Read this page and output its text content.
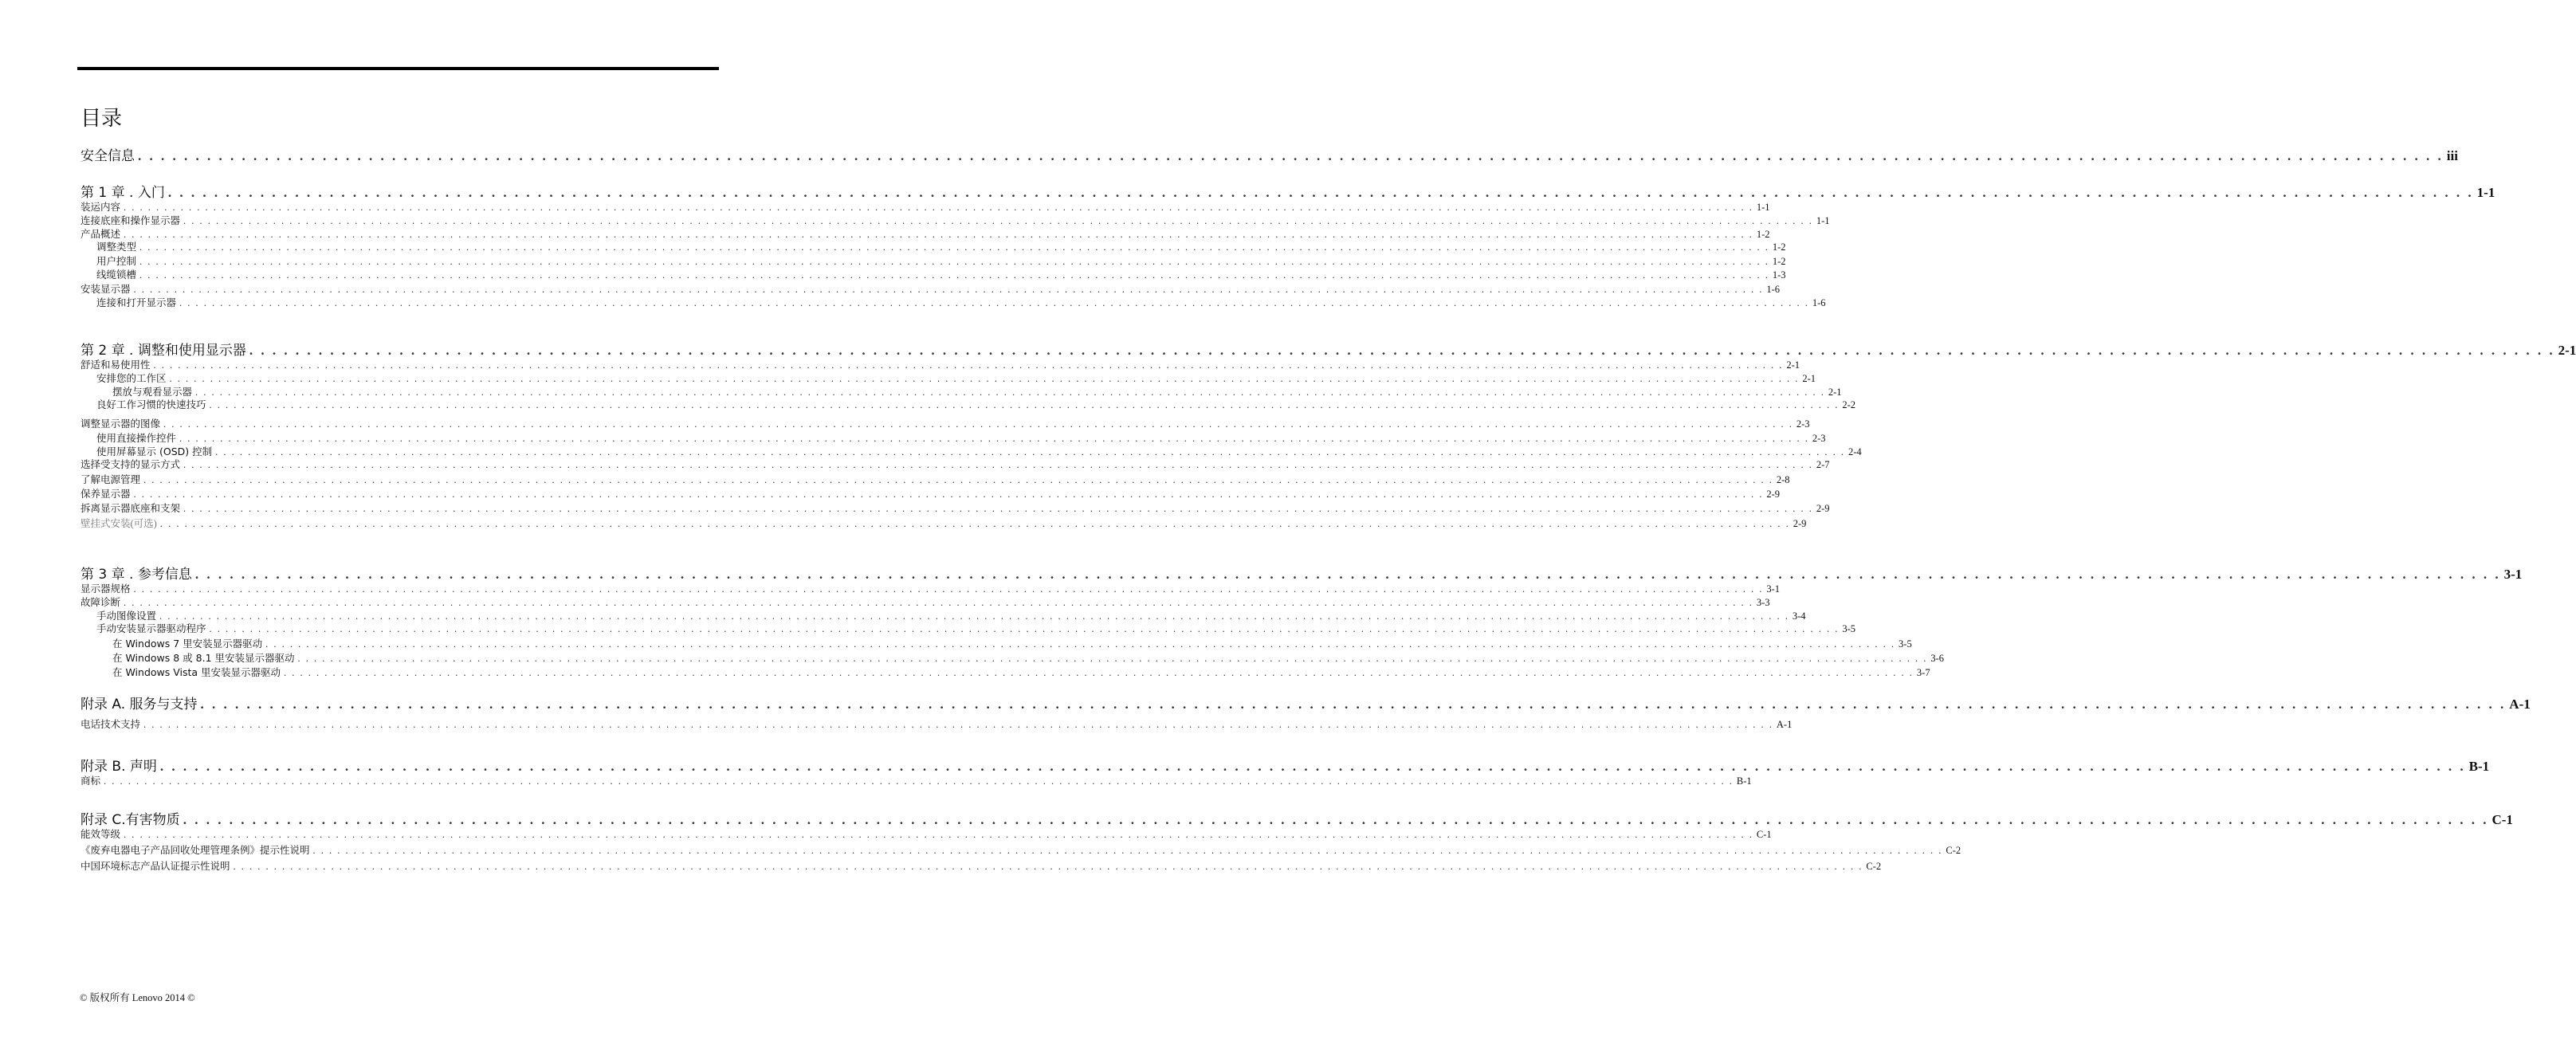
目录
安全信息 . . . . . . . . . . . . . . . . . . . . . . . . . . . . . . . . . . . . . . . . . . . . . . . . . . . . . . . . . . . . . . . . . . . . . . . . . . . . . . . . . . . . . . . . . . . . . . . . . . . . . . . . . . . . . . . . . . . . . . . . . . . . . . . . . . . . . . . . . . . . . . . . . . . . . . . . . . . . . . . . . . . . . . . . . . . . . . . . . . . . . . . . . . . . . . . . . . . . . . . . iii
第 1 章 . 入门 . . . . . . . . . . . . . . . . . . . . . . . . . . . . . . . . . . . . . . . . . . . . . . . . . . . . . . . . . . . . . . . . . . . . . . . . . . . . . . . . . . . . . . . . . . . . . . . . . . . . . . . . . . . . . . . . . . . . . . . . . . . . . . . . . . . . . . . . . . . . . . . . . . . . . . . . . . . . . . . . . . . . . . . . . . . . . . . . . . . . . . . . . . . . . . . . . . . . . . . . 1-1
装运内容 . . . . . . . . . . . . . . . . . . . . . . . . . . . . . . . . . . . . . . . . . . . . . . . . . . . . . . . . . . . . . . . . . . . . . . . . . . . . . . . . . . . . . . . . . . . . . . . . . . . . . . . . . . . . . . . . . . . . . . . . . . . . . . . . . . . . . . . . . . . . . . . . . . . . . . . . . . . . . . . . . . . . . . . . . . . . . . . . . . . . . . . . . . . . . . . . . . . . . . . . 1-1
连接底座和操作显示器 . . . . . . . . . . . . . . . . . . . . . . . . . . . . . . . . . . . . . . . . . . . . . . . . . . . . . . . . . . . . . . . . . . . . . . . . . . . . . . . . . . . . . . . . . . . . . . . . . . . . . . . . . . . . . . . . . . . . . . . . . . . . . . . . . . . . . . . . . . . . . . . . . . . . . . . . . . . . . . . . . . . . . . . . . . . . . . . . . . . . . . . . . . . . . . . . . . . . . . . . 1-1
产品概述 . . . . . . . . . . . . . . . . . . . . . . . . . . . . . . . . . . . . . . . . . . . . . . . . . . . . . . . . . . . . . . . . . . . . . . . . . . . . . . . . . . . . . . . . . . . . . . . . . . . . . . . . . . . . . . . . . . . . . . . . . . . . . . . . . . . . . . . . . . . . . . . . . . . . . . . . . . . . . . . . . . . . . . . . . . . . . . . . . . . . . . . . . . . . . . . . . . . . . . . . 1-2
调整类型 . . . . . . . . . . . . . . . . . . . . . . . . . . . . . . . . . . . . . . . . . . . . . . . . . . . . . . . . . . . . . . . . . . . . . . . . . . . . . . . . . . . . . . . . . . . . . . . . . . . . . . . . . . . . . . . . . . . . . . . . . . . . . . . . . . . . . . . . . . . . . . . . . . . . . . . . . . . . . . . . . . . . . . . . . . . . . . . . . . . . . . . . . . . . . . . . . . . . . . . . 1-2
用户控制 . . . . . . . . . . . . . . . . . . . . . . . . . . . . . . . . . . . . . . . . . . . . . . . . . . . . . . . . . . . . . . . . . . . . . . . . . . . . . . . . . . . . . . . . . . . . . . . . . . . . . . . . . . . . . . . . . . . . . . . . . . . . . . . . . . . . . . . . . . . . . . . . . . . . . . . . . . . . . . . . . . . . . . . . . . . . . . . . . . . . . . . . . . . . . . . . . . . . . . . . 1-2
线缆锁槽 . . . . . . . . . . . . . . . . . . . . . . . . . . . . . . . . . . . . . . . . . . . . . . . . . . . . . . . . . . . . . . . . . . . . . . . . . . . . . . . . . . . . . . . . . . . . . . . . . . . . . . . . . . . . . . . . . . . . . . . . . . . . . . . . . . . . . . . . . . . . . . . . . . . . . . . . . . . . . . . . . . . . . . . . . . . . . . . . . . . . . . . . . . . . . . . . . . . . . . . . 1-3
安装显示器 . . . . . . . . . . . . . . . . . . . . . . . . . . . . . . . . . . . . . . . . . . . . . . . . . . . . . . . . . . . . . . . . . . . . . . . . . . . . . . . . . . . . . . . . . . . . . . . . . . . . . . . . . . . . . . . . . . . . . . . . . . . . . . . . . . . . . . . . . . . . . . . . . . . . . . . . . . . . . . . . . . . . . . . . . . . . . . . . . . . . . . . . . . . . . . . . . . . . . . . . 1-6
连接和打开显示器 . . . . . . . . . . . . . . . . . . . . . . . . . . . . . . . . . . . . . . . . . . . . . . . . . . . . . . . . . . . . . . . . . . . . . . . . . . . . . . . . . . . . . . . . . . . . . . . . . . . . . . . . . . . . . . . . . . . . . . . . . . . . . . . . . . . . . . . . . . . . . . . . . . . . . . . . . . . . . . . . . . . . . . . . . . . . . . . . . . . . . . . . . . . . . . . . . . . . . . . . 1-6
第 2 章 . 调整和使用显示器 . . . . . . . . . . . . . . . . . . . . . . . . . . . . . . . . . . . . . . . . . . . . . . . . . . . . . . . . . . . . . . . . . . . . . . . . . . . . . . . . . . . . . . . . . . . . . . . . . . . . . . . . . . . . . . . . . . . . . . . . . . . . . . . . . . . . . . . . . . . . . . . . . . . . . . . . . . . . . . . . . . . . . . . . . . . . . . . . . . . . . . . . . . . . . . . . . . . . . . . . 2-1
舒适和易使用性 . . . . . . . . . . . . . . . . . . . . . . . . . . . . . . . . . . . . . . . . . . . . . . . . . . . . . . . . . . . . . . . . . . . . . . . . . . . . . . . . . . . . . . . . . . . . . . . . . . . . . . . . . . . . . . . . . . . . . . . . . . . . . . . . . . . . . . . . . . . . . . . . . . . . . . . . . . . . . . . . . . . . . . . . . . . . . . . . . . . . . . . . . . . . . . . . . . . . . . . . 2-1
安排您的工作区 . . . . . . . . . . . . . . . . . . . . . . . . . . . . . . . . . . . . . . . . . . . . . . . . . . . . . . . . . . . . . . . . . . . . . . . . . . . . . . . . . . . . . . . . . . . . . . . . . . . . . . . . . . . . . . . . . . . . . . . . . . . . . . . . . . . . . . . . . . . . . . . . . . . . . . . . . . . . . . . . . . . . . . . . . . . . . . . . . . . . . . . . . . . . . . . . . . . . . . . . 2-1
摆放与观看显示器 . . . . . . . . . . . . . . . . . . . . . . . . . . . . . . . . . . . . . . . . . . . . . . . . . . . . . . . . . . . . . . . . . . . . . . . . . . . . . . . . . . . . . . . . . . . . . . . . . . . . . . . . . . . . . . . . . . . . . . . . . . . . . . . . . . . . . . . . . . . . . . . . . . . . . . . . . . . . . . . . . . . . . . . . . . . . . . . . . . . . . . . . . . . . . . . . . . . . . . . . 2-1
良好工作习惯的快速技巧 . . . . . . . . . . . . . . . . . . . . . . . . . . . . . . . . . . . . . . . . . . . . . . . . . . . . . . . . . . . . . . . . . . . . . . . . . . . . . . . . . . . . . . . . . . . . . . . . . . . . . . . . . . . . . . . . . . . . . . . . . . . . . . . . . . . . . . . . . . . . . . . . . . . . . . . . . . . . . . . . . . . . . . . . . . . . . . . . . . . . . . . . . . . . . . . . . . . . . . . . 2-2
调整显示器的图像 . . . . . . . . . . . . . . . . . . . . . . . . . . . . . . . . . . . . . . . . . . . . . . . . . . . . . . . . . . . . . . . . . . . . . . . . . . . . . . . . . . . . . . . . . . . . . . . . . . . . . . . . . . . . . . . . . . . . . . . . . . . . . . . . . . . . . . . . . . . . . . . . . . . . . . . . . . . . . . . . . . . . . . . . . . . . . . . . . . . . . . . . . . . . . . . . . . . . . . . . 2-3
使用直接操作控件 . . . . . . . . . . . . . . . . . . . . . . . . . . . . . . . . . . . . . . . . . . . . . . . . . . . . . . . . . . . . . . . . . . . . . . . . . . . . . . . . . . . . . . . . . . . . . . . . . . . . . . . . . . . . . . . . . . . . . . . . . . . . . . . . . . . . . . . . . . . . . . . . . . . . . . . . . . . . . . . . . . . . . . . . . . . . . . . . . . . . . . . . . . . . . . . . . . . . . . . . 2-3
使用屏幕显示 (OSD) 控制 . . . . . . . . . . . . . . . . . . . . . . . . . . . . . . . . . . . . . . . . . . . . . . . . . . . . . . . . . . . . . . . . . . . . . . . . . . . . . . . . . . . . . . . . . . . . . . . . . . . . . . . . . . . . . . . . . . . . . . . . . . . . . . . . . . . . . . . . . . . . . . . . . . . . . . . . . . . . . . . . . . . . . . . . . . . . . . . . . . . . . . . . . . . . . . . . . . . . . . . . 2-4
选择受支持的显示方式 . . . . . . . . . . . . . . . . . . . . . . . . . . . . . . . . . . . . . . . . . . . . . . . . . . . . . . . . . . . . . . . . . . . . . . . . . . . . . . . . . . . . . . . . . . . . . . . . . . . . . . . . . . . . . . . . . . . . . . . . . . . . . . . . . . . . . . . . . . . . . . . . . . . . . . . . . . . . . . . . . . . . . . . . . . . . . . . . . . . . . . . . . . . . . . . . . . . . . . . . 2-7
了解电源管理 . . . . . . . . . . . . . . . . . . . . . . . . . . . . . . . . . . . . . . . . . . . . . . . . . . . . . . . . . . . . . . . . . . . . . . . . . . . . . . . . . . . . . . . . . . . . . . . . . . . . . . . . . . . . . . . . . . . . . . . . . . . . . . . . . . . . . . . . . . . . . . . . . . . . . . . . . . . . . . . . . . . . . . . . . . . . . . . . . . . . . . . . . . . . . . . . . . . . . . . . 2-8
保养显示器 . . . . . . . . . . . . . . . . . . . . . . . . . . . . . . . . . . . . . . . . . . . . . . . . . . . . . . . . . . . . . . . . . . . . . . . . . . . . . . . . . . . . . . . . . . . . . . . . . . . . . . . . . . . . . . . . . . . . . . . . . . . . . . . . . . . . . . . . . . . . . . . . . . . . . . . . . . . . . . . . . . . . . . . . . . . . . . . . . . . . . . . . . . . . . . . . . . . . . . . . 2-9
拆离显示器底座和支架 . . . . . . . . . . . . . . . . . . . . . . . . . . . . . . . . . . . . . . . . . . . . . . . . . . . . . . . . . . . . . . . . . . . . . . . . . . . . . . . . . . . . . . . . . . . . . . . . . . . . . . . . . . . . . . . . . . . . . . . . . . . . . . . . . . . . . . . . . . . . . . . . . . . . . . . . . . . . . . . . . . . . . . . . . . . . . . . . . . . . . . . . . . . . . . . . . . . . . . . . 2-9
壁挂式安装(可选) . . . . . . . . . . . . . . . . . . . . . . . . . . . . . . . . . . . . . . . . . . . . . . . . . . . . . . . . . . . . . . . . . . . . . . . . . . . . . . . . . . . . . . . . . . . . . . . . . . . . . . . . . . . . . . . . . . . . . . . . . . . . . . . . . . . . . . . . . . . . . . . . . . . . . . . . . . . . . . . . . . . . . . . . . . . . . . . . . . . . . . . . . . . . . . . . . . . . . . . . 2-9
第 3 章 . 参考信息 . . . . . . . . . . . . . . . . . . . . . . . . . . . . . . . . . . . . . . . . . . . . . . . . . . . . . . . . . . . . . . . . . . . . . . . . . . . . . . . . . . . . . . . . . . . . . . . . . . . . . . . . . . . . . . . . . . . . . . . . . . . . . . . . . . . . . . . . . . . . . . . . . . . . . . . . . . . . . . . . . . . . . . . . . . . . . . . . . . . . . . . . . . . . . . . . . . . . . . . . 3-1
显示器规格 . . . . . . . . . . . . . . . . . . . . . . . . . . . . . . . . . . . . . . . . . . . . . . . . . . . . . . . . . . . . . . . . . . . . . . . . . . . . . . . . . . . . . . . . . . . . . . . . . . . . . . . . . . . . . . . . . . . . . . . . . . . . . . . . . . . . . . . . . . . . . . . . . . . . . . . . . . . . . . . . . . . . . . . . . . . . . . . . . . . . . . . . . . . . . . . . . . . . . . . . 3-1
故障诊断 . . . . . . . . . . . . . . . . . . . . . . . . . . . . . . . . . . . . . . . . . . . . . . . . . . . . . . . . . . . . . . . . . . . . . . . . . . . . . . . . . . . . . . . . . . . . . . . . . . . . . . . . . . . . . . . . . . . . . . . . . . . . . . . . . . . . . . . . . . . . . . . . . . . . . . . . . . . . . . . . . . . . . . . . . . . . . . . . . . . . . . . . . . . . . . . . . . . . . . . . 3-3
手动图像设置 . . . . . . . . . . . . . . . . . . . . . . . . . . . . . . . . . . . . . . . . . . . . . . . . . . . . . . . . . . . . . . . . . . . . . . . . . . . . . . . . . . . . . . . . . . . . . . . . . . . . . . . . . . . . . . . . . . . . . . . . . . . . . . . . . . . . . . . . . . . . . . . . . . . . . . . . . . . . . . . . . . . . . . . . . . . . . . . . . . . . . . . . . . . . . . . . . . . . . . . . 3-4
手动安装显示器驱动程序 . . . . . . . . . . . . . . . . . . . . . . . . . . . . . . . . . . . . . . . . . . . . . . . . . . . . . . . . . . . . . . . . . . . . . . . . . . . . . . . . . . . . . . . . . . . . . . . . . . . . . . . . . . . . . . . . . . . . . . . . . . . . . . . . . . . . . . . . . . . . . . . . . . . . . . . . . . . . . . . . . . . . . . . . . . . . . . . . . . . . . . . . . . . . . . . . . . . . . . . . 3-5
在 Windows 7 里安装显示器驱动 . . . . . . . . . . . . . . . . . . . . . . . . . . . . . . . . . . . . . . . . . . . . . . . . . . . . . . . . . . . . . . . . . . . . . . . . . . . . . . . . . . . . . . . . . . . . . . . . . . . . . . . . . . . . . . . . . . . . . . . . . . . . . . . . . . . . . . . . . . . . . . . . . . . . . . . . . . . . . . . . . . . . . . . . . . . . . . . . . . . . . . . . . . . . . . . . . . . . . . . . 3-5
在 Windows 8 或 8.1 里安装显示器驱动 . . . . . . . . . . . . . . . . . . . . . . . . . . . . . . . . . . . . . . . . . . . . . . . . . . . . . . . . . . . . . . . . . . . . . . . . . . . . . . . . . . . . . . . . . . . . . . . . . . . . . . . . . . . . . . . . . . . . . . . . . . . . . . . . . . . . . . . . . . . . . . . . . . . . . . . . . . . . . . . . . . . . . . . . . . . . . . . . . . . . . . . . . . . . . . . . . . . . . . . . 3-6
在 Windows Vista 里安装显示器驱动 . . . . . . . . . . . . . . . . . . . . . . . . . . . . . . . . . . . . . . . . . . . . . . . . . . . . . . . . . . . . . . . . . . . . . . . . . . . . . . . . . . . . . . . . . . . . . . . . . . . . . . . . . . . . . . . . . . . . . . . . . . . . . . . . . . . . . . . . . . . . . . . . . . . . . . . . . . . . . . . . . . . . . . . . . . . . . . . . . . . . . . . . . . . . . . . . . . . . . . . . 3-7
附录 A. 服务与支持 . . . . . . . . . . . . . . . . . . . . . . . . . . . . . . . . . . . . . . . . . . . . . . . . . . . . . . . . . . . . . . . . . . . . . . . . . . . . . . . . . . . . . . . . . . . . . . . . . . . . . . . . . . . . . . . . . . . . . . . . . . . . . . . . . . . . . . . . . . . . . . . . . . . . . . . . . . . . . . . . . . . . . . . . . . . . . . . . . . . . . . . . . . . . . . . . . . . . . . . . A-1
电话技术支持 . . . . . . . . . . . . . . . . . . . . . . . . . . . . . . . . . . . . . . . . . . . . . . . . . . . . . . . . . . . . . . . . . . . . . . . . . . . . . . . . . . . . . . . . . . . . . . . . . . . . . . . . . . . . . . . . . . . . . . . . . . . . . . . . . . . . . . . . . . . . . . . . . . . . . . . . . . . . . . . . . . . . . . . . . . . . . . . . . . . . . . . . . . . . . . . . . . . . . . . . A-1
附录 B. 声明 . . . . . . . . . . . . . . . . . . . . . . . . . . . . . . . . . . . . . . . . . . . . . . . . . . . . . . . . . . . . . . . . . . . . . . . . . . . . . . . . . . . . . . . . . . . . . . . . . . . . . . . . . . . . . . . . . . . . . . . . . . . . . . . . . . . . . . . . . . . . . . . . . . . . . . . . . . . . . . . . . . . . . . . . . . . . . . . . . . . . . . . . . . . . . . . . . . . . . . . . B-1
商标 . . . . . . . . . . . . . . . . . . . . . . . . . . . . . . . . . . . . . . . . . . . . . . . . . . . . . . . . . . . . . . . . . . . . . . . . . . . . . . . . . . . . . . . . . . . . . . . . . . . . . . . . . . . . . . . . . . . . . . . . . . . . . . . . . . . . . . . . . . . . . . . . . . . . . . . . . . . . . . . . . . . . . . . . . . . . . . . . . . . . . . . . . . . . . . . . . . . . . . . . B-1
附录 C.有害物质 . . . . . . . . . . . . . . . . . . . . . . . . . . . . . . . . . . . . . . . . . . . . . . . . . . . . . . . . . . . . . . . . . . . . . . . . . . . . . . . . . . . . . . . . . . . . . . . . . . . . . . . . . . . . . . . . . . . . . . . . . . . . . . . . . . . . . . . . . . . . . . . . . . . . . . . . . . . . . . . . . . . . . . . . . . . . . . . . . . . . . . . . . . . . . . . . . . . . . . . . C-1
能效等级 . . . . . . . . . . . . . . . . . . . . . . . . . . . . . . . . . . . . . . . . . . . . . . . . . . . . . . . . . . . . . . . . . . . . . . . . . . . . . . . . . . . . . . . . . . . . . . . . . . . . . . . . . . . . . . . . . . . . . . . . . . . . . . . . . . . . . . . . . . . . . . . . . . . . . . . . . . . . . . . . . . . . . . . . . . . . . . . . . . . . . . . . . . . . . . . . . . . . . . . . C-1
《废弃电器电子产品回收处理管理条例》提示性说明 . . . . . . . . . . . . . . . . . . . . . . . . . . . . . . . . . . . . . . . . . . . . . . . . . . . . . . . . . . . . . . . . . . . . . . . . . . . . . . . . . . . . . . . . . . . . . . . . . . . . . . . . . . . . . . . . . . . . . . . . . . . . . . . . . . . . . . . . . . . . . . . . . . . . . . . . . . . . . . . . . . . . . . . . . . . . . . . . . . . . . . . . . . . . . . . . . . . . . . . . C-2
中国环境标志产品认证提示性说明 . . . . . . . . . . . . . . . . . . . . . . . . . . . . . . . . . . . . . . . . . . . . . . . . . . . . . . . . . . . . . . . . . . . . . . . . . . . . . . . . . . . . . . . . . . . . . . . . . . . . . . . . . . . . . . . . . . . . . . . . . . . . . . . . . . . . . . . . . . . . . . . . . . . . . . . . . . . . . . . . . . . . . . . . . . . . . . . . . . . . . . . . . . . . . . . . . . . . . . . . C-2
© 版权所有 Lenovo 2014 ©
